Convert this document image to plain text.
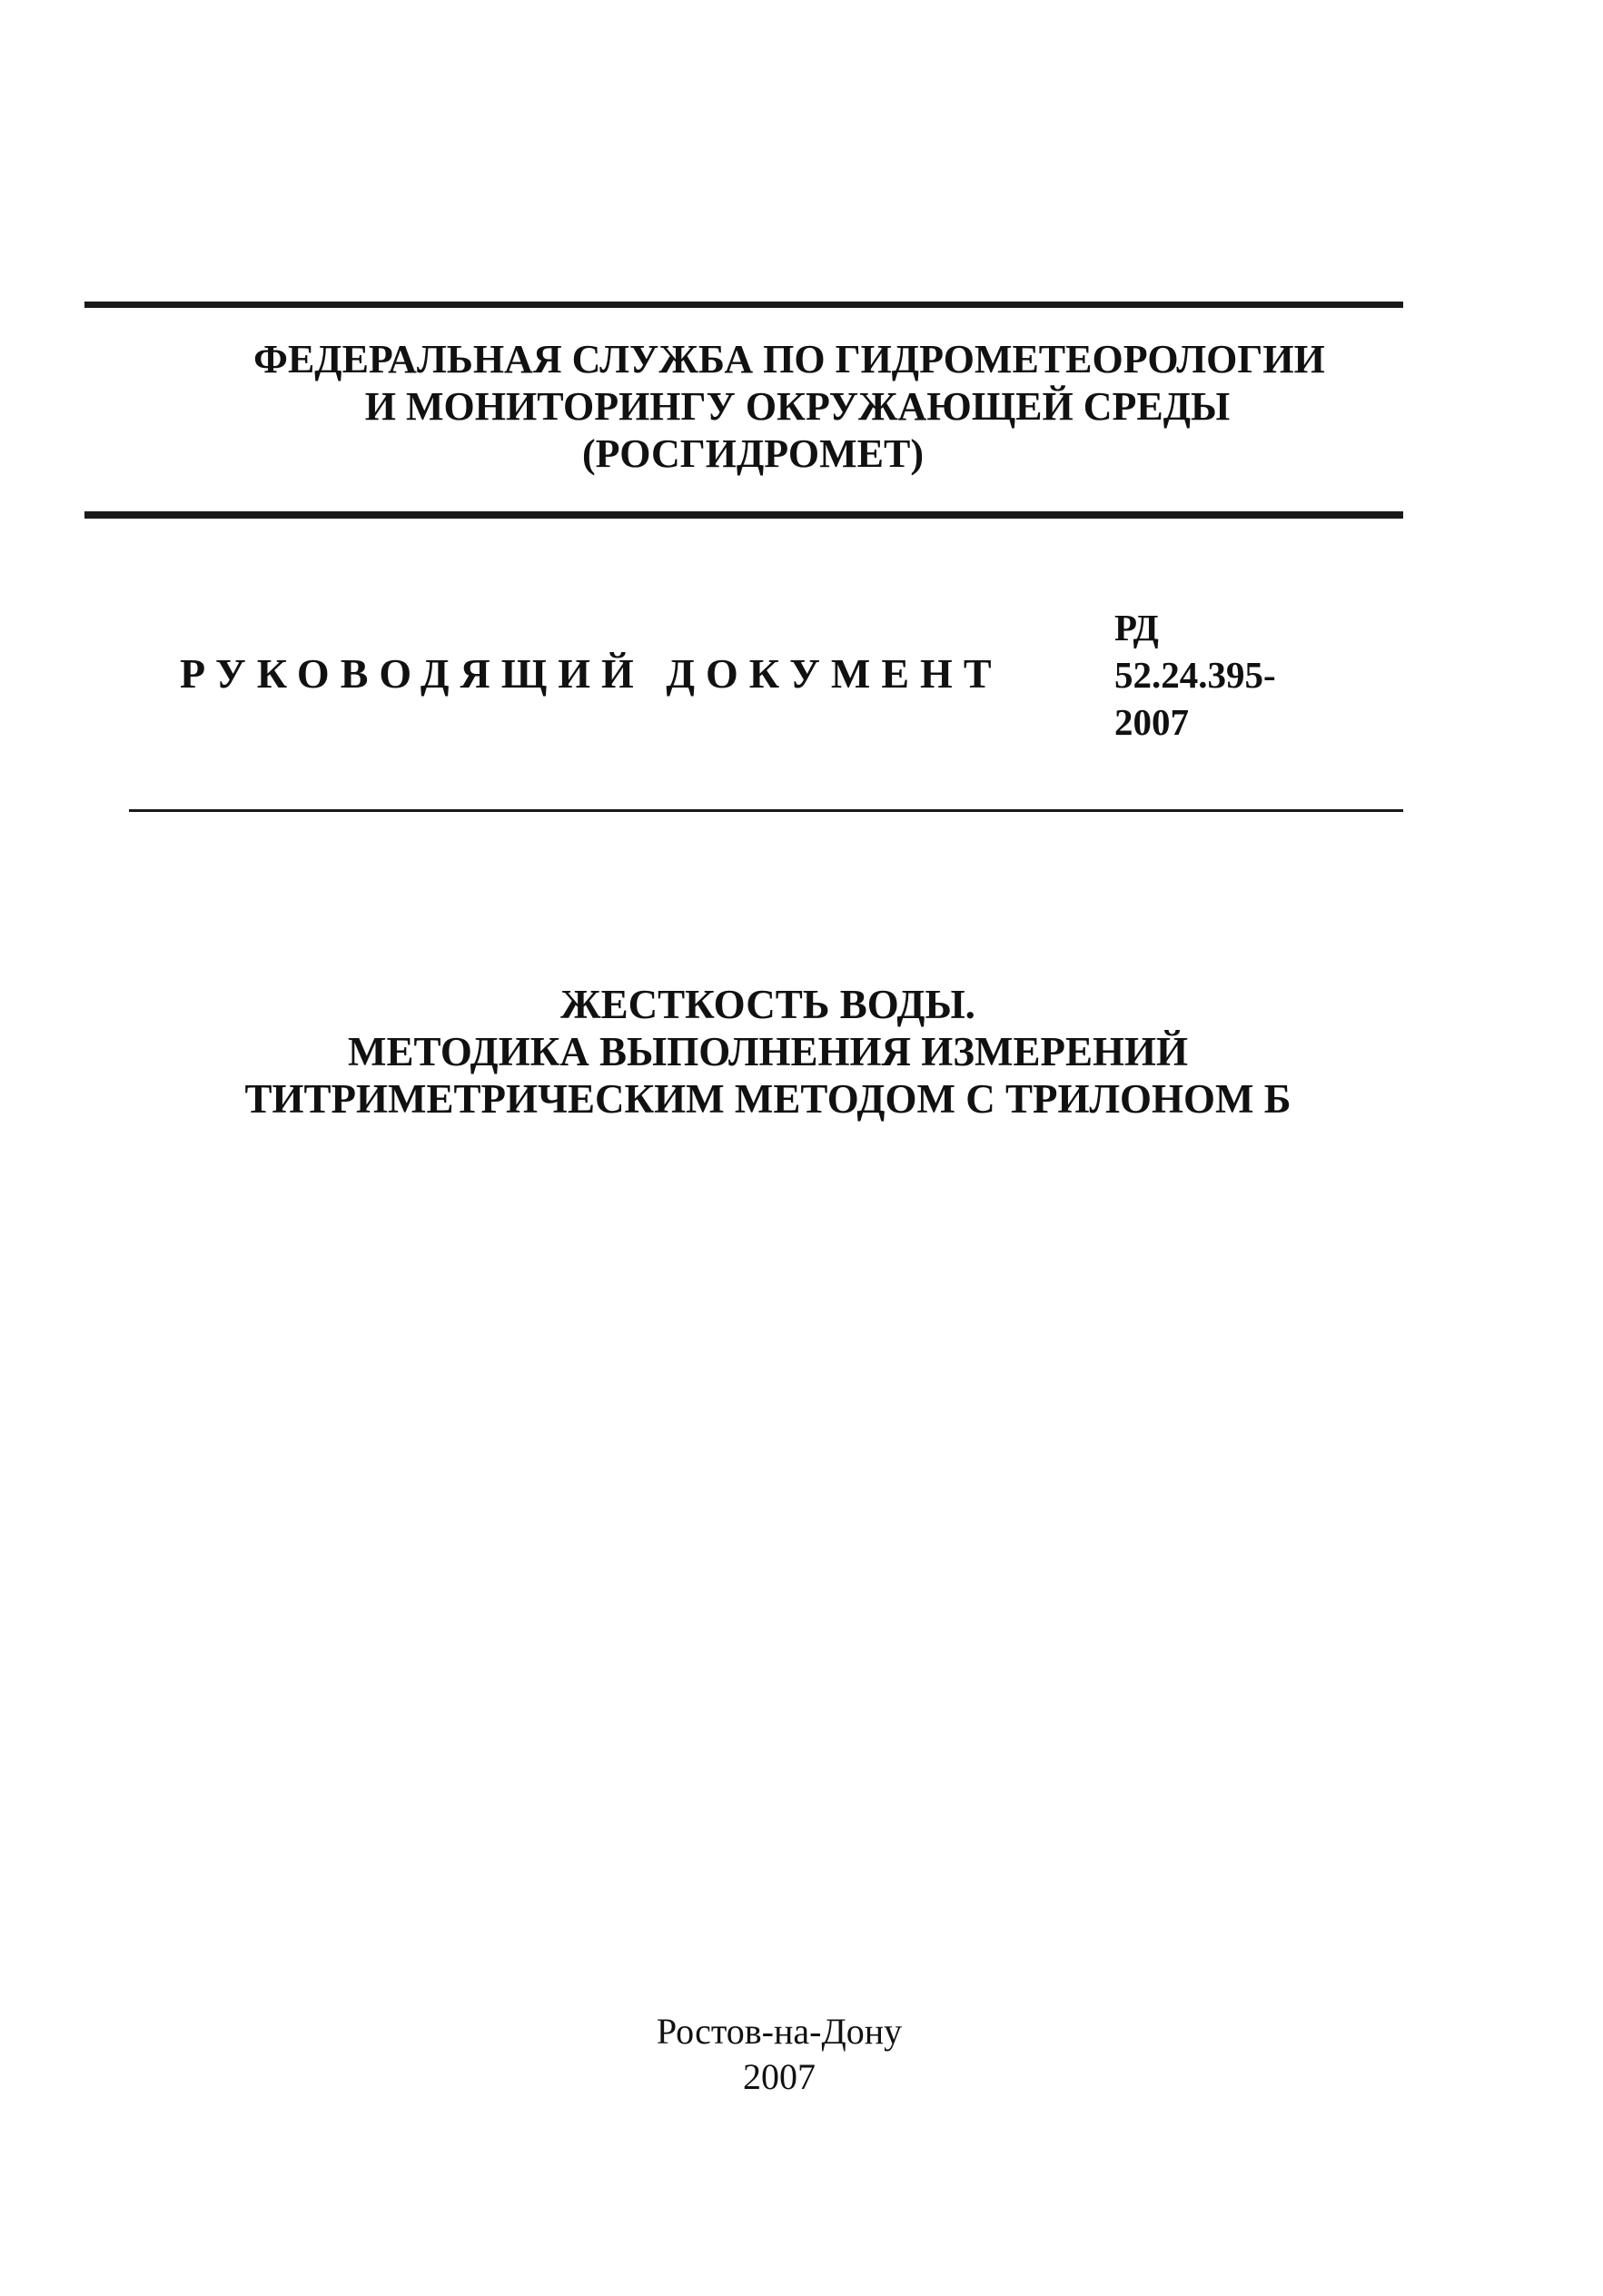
ФЕДЕРАЛЬНАЯ СЛУЖБА ПО ГИДРОМЕТЕОРОЛОГИИ
И МОНИТОРИНГУ ОКРУЖАЮЩЕЙ СРЕДЫ
(РОСГИДРОМЕТ)
РУКОВОДЯЩИЙ ДОКУМЕНТ
РД
52.24.395-
2007
ЖЕСТКОСТЬ ВОДЫ.
МЕТОДИКА ВЫПОЛНЕНИЯ ИЗМЕРЕНИЙ
ТИТРИМЕТРИЧЕСКИМ МЕТОДОМ С ТРИЛОНОМ Б
Ростов-на-Дону
2007
